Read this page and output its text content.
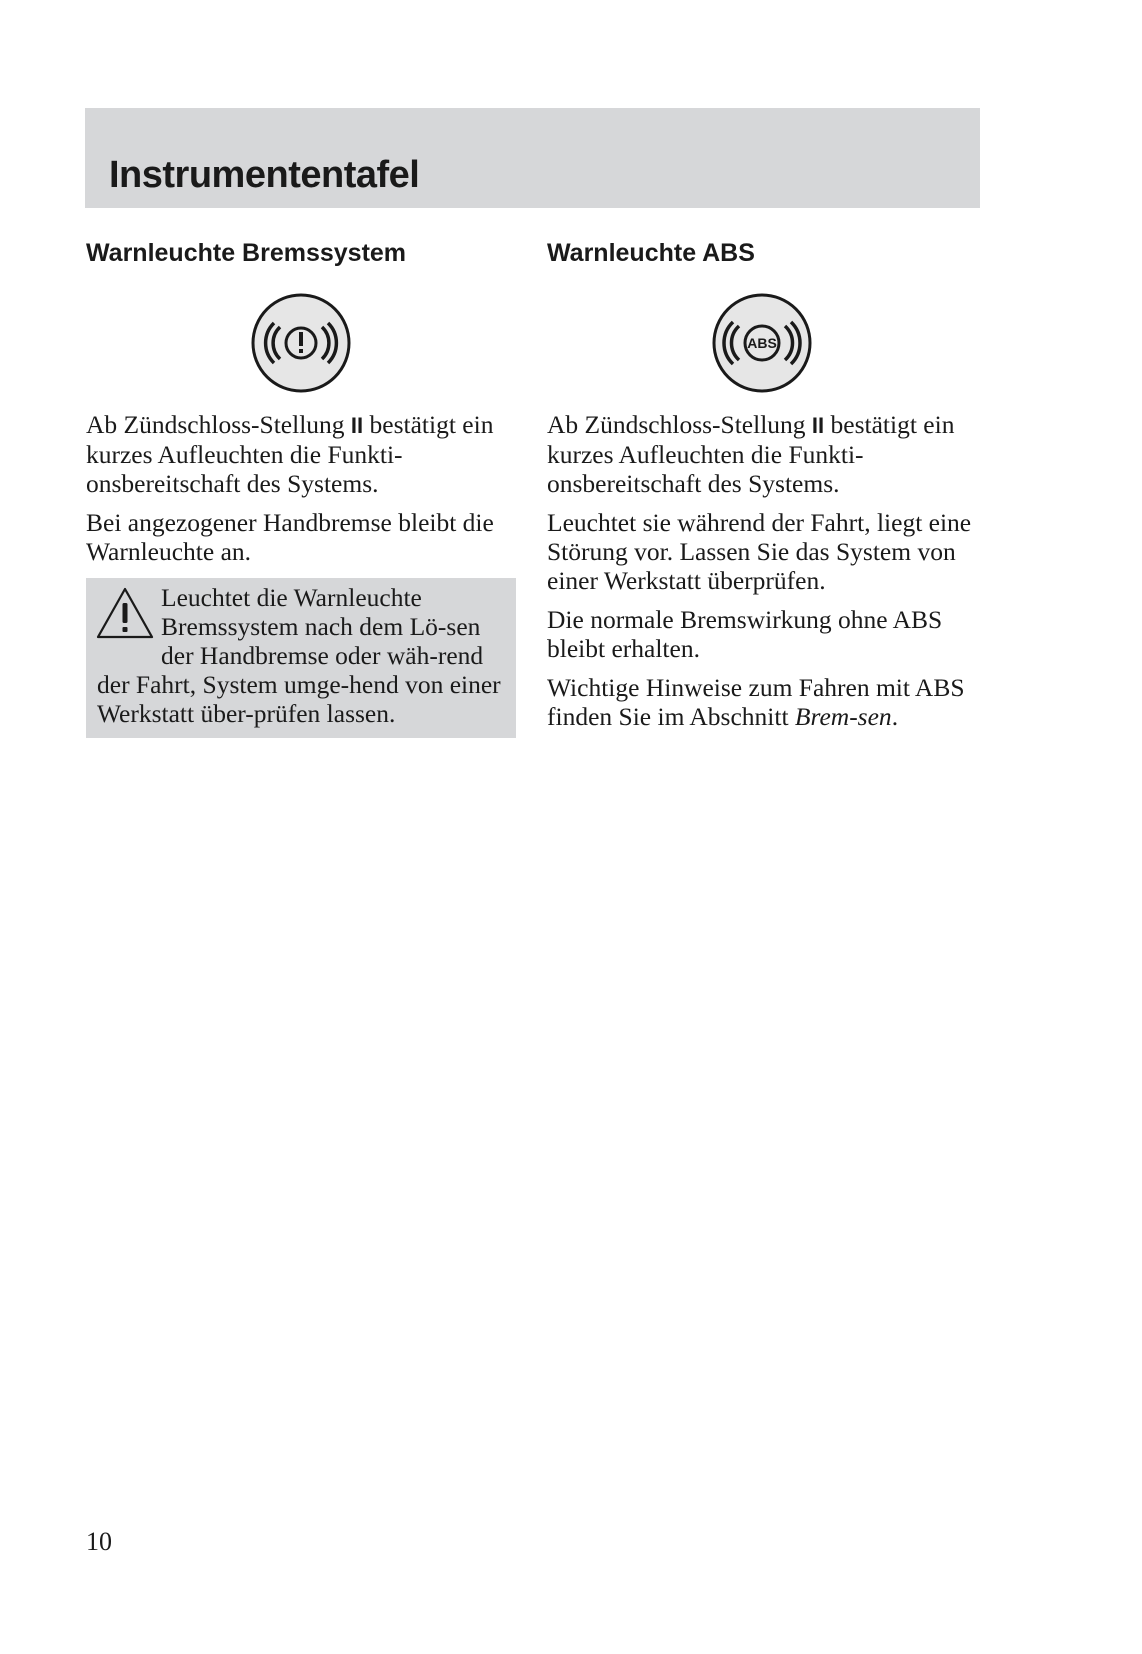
Instrumententafel
Warnleuchte Bremssystem

Ab Zündschloss-Stellung II bestätigt ein kurzes Aufleuchten die Funkti-onsbereitschaft des Systems.

Bei angezogener Handbremse bleibt die Warnleuchte an.

Leuchtet die Warnleuchte Bremssystem nach dem Lö-sen der Handbremse oder wäh-rend der Fahrt, System umge-hend von einer Werkstatt über-prüfen lassen.

Warnleuchte ABS
ABS

Ab Zündschloss-Stellung II bestätigt ein kurzes Aufleuchten die Funkti-onsbereitschaft des Systems.

Leuchtet sie während der Fahrt, liegt eine Störung vor. Lassen Sie das System von einer Werkstatt überprüfen.

Die normale Bremswirkung ohne ABS bleibt erhalten.

Wichtige Hinweise zum Fahren mit ABS finden Sie im Abschnitt Brem-sen.

10
